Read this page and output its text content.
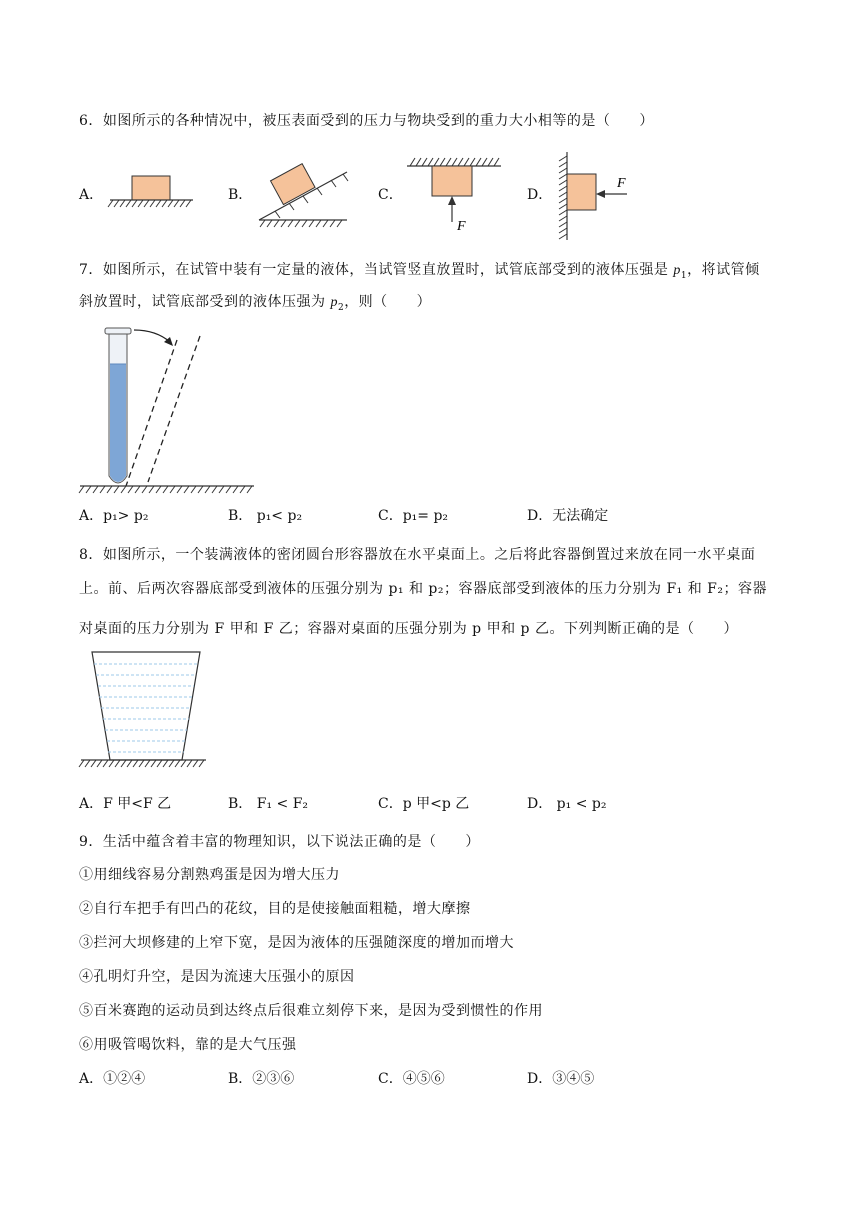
6．如图所示的各种情况中，被压表面受到的压力与物块受到的重力大小相等的是（　　）
A．	B．	C．
F
D．
F
7．如图所示，在试管中装有一定量的液体，当试管竖直放置时，试管底部受到的液体压强是 $p_1$，将试管倾
斜放置时，试管底部受到的液体压强为 $p_2$，则（　　）
A．p₁> p₂	B． p₁< p₂	C．p₁= p₂	D．无法确定
8．如图所示，一个装满液体的密闭圆台形容器放在水平桌面上。之后将此容器倒置过来放在同一水平桌面
上。前、后两次容器底部受到液体的压强分别为 p₁ 和 p₂；容器底部受到液体的压力分别为 F₁ 和 F₂；容器
对桌面的压力分别为 F 甲和 F 乙；容器对桌面的压强分别为 p 甲和 p 乙。下列判断正确的是（　　）
A．F 甲<F 乙	B． F₁ < F₂	C．p 甲<p 乙	D． p₁ < p₂
9．生活中蕴含着丰富的物理知识，以下说法正确的是（　　）
①用细线容易分割熟鸡蛋是因为增大压力
②自行车把手有凹凸的花纹，目的是使接触面粗糙，增大摩擦
③拦河大坝修建的上窄下宽，是因为液体的压强随深度的增加而增大
④孔明灯升空，是因为流速大压强小的原因
⑤百米赛跑的运动员到达终点后很难立刻停下来，是因为受到惯性的作用
⑥用吸管喝饮料，靠的是大气压强
A．①②④	B．②③⑥	C．④⑤⑥	D．③④⑤
